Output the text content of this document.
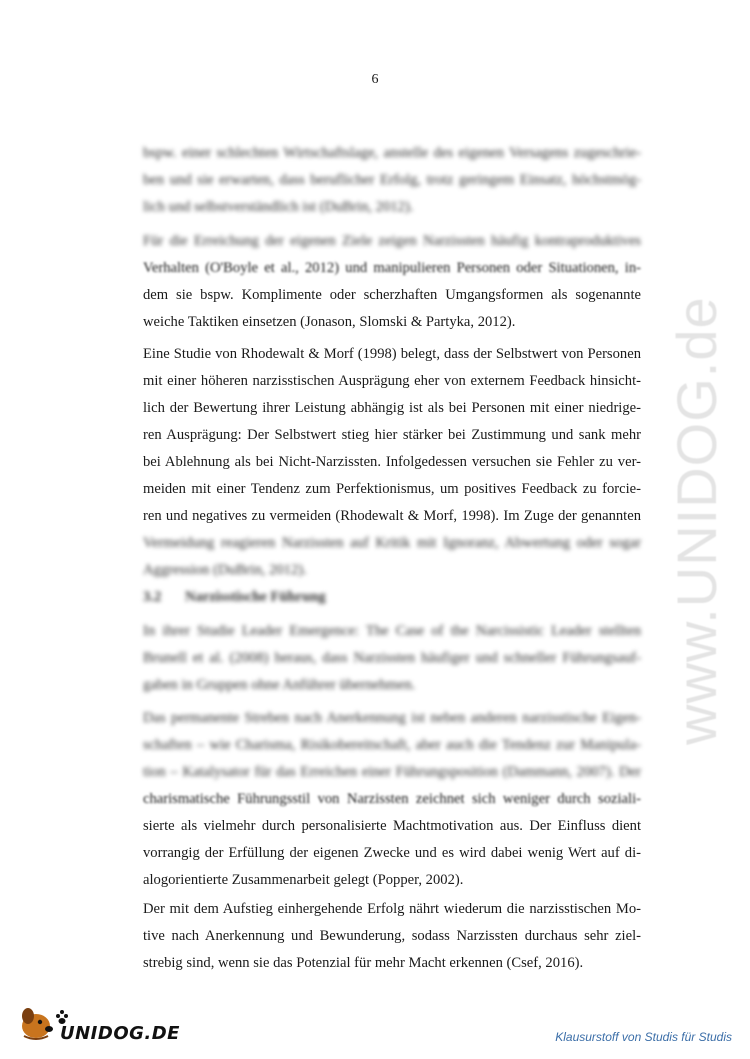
6
bspw. einer schlechten Wirtschaftslage, anstelle des eigenen Versagens zugeschrie-
ben und sie erwarten, dass beruflicher Erfolg, trotz geringem Einsatz, höchstmög-
lich und selbstverständlich ist (DuBrin, 2012).
Für die Erreichung der eigenen Ziele zeigen Narzissten häufig kontraproduktives
Verhalten (O'Boyle et al., 2012) und manipulieren Personen oder Situationen, in-
dem sie bspw. Komplimente oder scherzhaften Umgangsformen als sogenannte
weiche Taktiken einsetzen (Jonason, Slomski & Partyka, 2012).
Eine Studie von Rhodewalt & Morf (1998) belegt, dass der Selbstwert von Personen
mit einer höheren narzisstischen Ausprägung eher von externem Feedback hinsicht-
lich der Bewertung ihrer Leistung abhängig ist als bei Personen mit einer niedrige-
ren Ausprägung: Der Selbstwert stieg hier stärker bei Zustimmung und sank mehr
bei Ablehnung als bei Nicht-Narzissten. Infolgedessen versuchen sie Fehler zu ver-
meiden mit einer Tendenz zum Perfektionismus, um positives Feedback zu forcie-
ren und negatives zu vermeiden (Rhodewalt & Morf, 1998). Im Zuge der genannten
Vermeidung reagieren Narzissten auf Kritik mit Ignoranz, Abwertung oder sogar
Aggression (DuBrin, 2012).
3.2 Narzisstische Führung
In ihrer Studie Leader Emergence: The Case of the Narcissistic Leader stellten
Brunell et al. (2008) heraus, dass Narzissten häufiger und schneller Führungsauf-
gaben in Gruppen ohne Anführer übernehmen.
Das permanente Streben nach Anerkennung ist neben anderen narzisstische Eigen-
schaften – wie Charisma, Risikobereitschaft, aber auch die Tendenz zur Manipula-
tion – Katalysator für das Erreichen einer Führungsposition (Dammann, 2007). Der
charismatische Führungsstil von Narzissten zeichnet sich weniger durch soziali-
sierte als vielmehr durch personalisierte Machtmotivation aus. Der Einfluss dient
vorrangig der Erfüllung der eigenen Zwecke und es wird dabei wenig Wert auf di-
alogorientierte Zusammenarbeit gelegt (Popper, 2002).
Der mit dem Aufstieg einhergehende Erfolg nährt wiederum die narzisstischen Mo-
tive nach Anerkennung und Bewunderung, sodass Narzissten durchaus sehr ziel-
strebig sind, wenn sie das Potenzial für mehr Macht erkennen (Csef, 2016).
www.UNIDOG.de
UNIDOG.DE	Klausurstoff von Studis für Studis
